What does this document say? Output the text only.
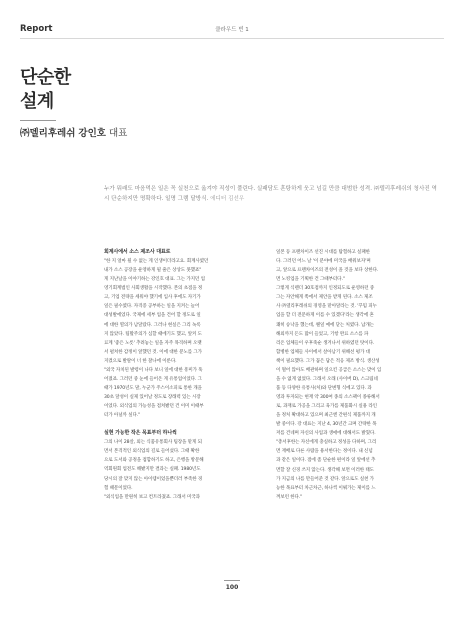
Report	클라우드 빈 1
단순한
설계
㈜델리후레쉬 강인호 대표
누가 뭐래도 마음먹은 일은 꼭 실천으로 옮겨야 직성이 풀린다. 실패담도 혼탕하게 웃고 넘길 만큼 대범한 성격. ㈜델리후레쉬의 청사진 역시 단순하지만 명확하다. 일명 그램 달방식. 에디터 김선우

회계사에서 소스 제조사 대표로

"한 지 얼마 될 수 없는 게 인생이더라고요. 회계사였던

내가 소스 공장을 운영하게 될 줄은 상상도 못했죠"

게 지난날을 이야기하는 강인호 대표. 그는 가지던 업

영기회계법인 사회생활을 시작했다. 본의 초점을 정

고, 기업 전략을 세워야 했기에 입사 후에도 자기가

일은 필수였다. 자격증 공부하는 일을 지켜는 늘어

대성발에었다. 국제에 세부 업을 건어 할 정도로 일

에 대한 열의가 남달랐다. 그러나 현실은 그리 녹록

지 않았다. 팀활주의가 심할 때에기도 했고, 앞커 도

료계 '좋은 노릇' 추려놓는 일을 자주 목격하며 오랫

서 펼쳐한 감정이 앞했던 것. 이에 대한 분노를 그가

지켰으로 발랄이 너 한 찰나에 이룬다.

"외국 자치된 발령이 나다 보니 일에 대한 흥미가 뚝

어졌죠. 그러던 중 눈에 들어온 게 유통업이었다. 그

때가 1970년도 말, 누군가 주스이소피로 통한 개을

30초 달성이 실제 있어날 정도로 장래력 있는 시장

이었다. 외식업의 가능성을 점쳐봤던 건 이미 이때부

터가 아닐까 싶다."

실현 가능한 작은 목표부터 하나씩

그의 나이 28살, 외는 식품유통회사 팀장을 맡게 되

면서 본격적인 외식업의 길로 들어섰다. 그때 확한

으로 도서와 공정을 접합하기도 하고, 은행을 방문해

역회원회 업전도 해봤지만 결과는 실패. 1980년도

당시의 잘 맞지 않는 아이템이었을뿐더러 부족한 경

험 때문이었다.

"외식업을 만원히 보고 컨트라쳤죠. 그래서 미국과

일본 등 프랜차이즈 선진 시대를 탐험하고 실패한

다. 그러던 어느 날 '이 분야에 미국을 배워보자'며

고, 앞으로 프랜차이즈의 전성이 올 것을 보다 상한다.

면 노킹업을 기획한 건 그때부터다."

그렇게 식렌더 30호점까지 인정되도로 운영하던 중

그는 자안해게 쪽에서 제안을 받게 된다. 소스 제조

사 ㈜델리후레쉬의 경영을 맡아달라는 것. '꾸밈 피누

업을 할 더 전문하게 이를 수 있겠다'라는 생각에 흔

쾌히 승낙을 했는데, 웬일 예에 닫는 처였다. 납개는

해외까지 돈도 많이 들었고, 기항 완료 소스를 파

리온 업체들이 우후죽순 생겨나서 위하였던 탓이다.

합병한 업체들 사이에서 살아남기 위해선 평가 대

책이 필요했다. 그가 꼽은 답은 적응 제조 방식. 생산성

이 떨어 않아도 배관하며 일으킨 공급은 소스는 맞이 입

을 수 없게 없었다. 그래서 오래 (사이버 D), 스크림네

품 등 다양한 유통사(처)와 단변형 식에고 있다. 과

영과 투자되는 현재 약 300여 종의 소스팩이 종류해서

로, 과재로 가공을 그리고 육가를 제품화시 실용 라인

을 정처 확대하고 있으며 최근엔 간편식 제품까지 개

발 중이다. 강 대표는 지난 4, 30년간 크며 간략한 목

저를 건네며 자신의 사업과 생애에 대해서도 밝혔다.

"총서후한는 자신에게 충실하고 정성을 다하며, 그리

면 재배로 다른 사람을 용서한다는 정이다. 내 신념

과 같은 일이다. 점에 좀 단순한 편이라 일 앞에선 추

면할 잘 신경 쓰지 않는다. 생각해 보면 이러한 태도

가 지금의 나를 만들어준 것 같다. 앞으로도 실천 가

능한 목표부터 차근차근, 하나씩 이뤄가는 제이를 느

껴보런 한다."

100
